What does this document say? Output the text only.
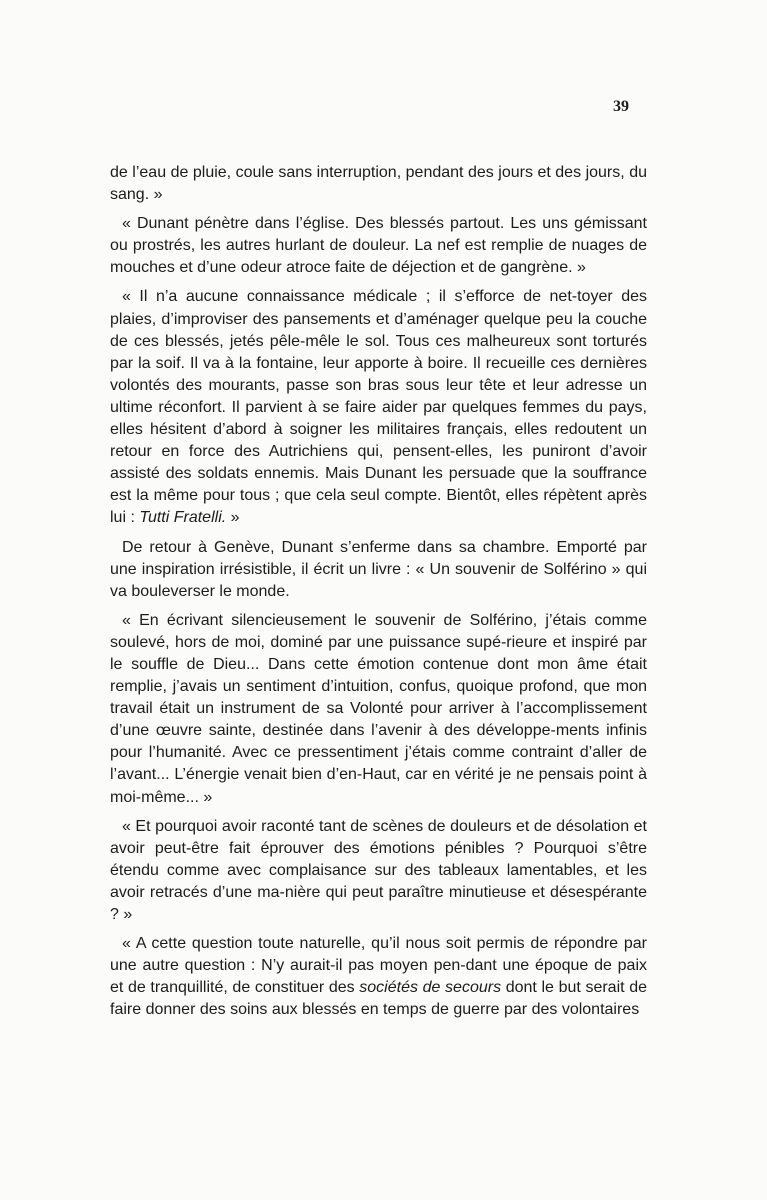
39

de l’eau de pluie, coule sans interruption, pendant des jours et des jours, du sang. »

« Dunant pénètre dans l’église. Des blessés partout. Les uns gémissant ou prostrés, les autres hurlant de douleur. La nef est remplie de nuages de mouches et d’une odeur atroce faite de déjection et de gangrène. »

« Il n’a aucune connaissance médicale ; il s’efforce de net-toyer des plaies, d’improviser des pansements et d’aménager quelque peu la couche de ces blessés, jetés pêle-mêle le sol. Tous ces malheureux sont torturés par la soif. Il va à la fontaine, leur apporte à boire. Il recueille ces dernières volontés des mourants, passe son bras sous leur tête et leur adresse un ultime réconfort. Il parvient à se faire aider par quelques femmes du pays, elles hésitent d’abord à soigner les militaires français, elles redoutent un retour en force des Autrichiens qui, pensent-elles, les puniront d’avoir assisté des soldats ennemis. Mais Dunant les persuade que la souffrance est la même pour tous ; que cela seul compte. Bientôt, elles répètent après lui : Tutti Fratelli. »

De retour à Genève, Dunant s’enferme dans sa chambre. Emporté par une inspiration irrésistible, il écrit un livre : « Un souvenir de Solférino » qui va bouleverser le monde.

« En écrivant silencieusement le souvenir de Solférino, j’étais comme soulevé, hors de moi, dominé par une puissance supé-rieure et inspiré par le souffle de Dieu... Dans cette émotion contenue dont mon âme était remplie, j’avais un sentiment d’intuition, confus, quoique profond, que mon travail était un instrument de sa Volonté pour arriver à l’accomplissement d’une œuvre sainte, destinée dans l’avenir à des développe-ments infinis pour l’humanité. Avec ce pressentiment j’étais comme contraint d’aller de l’avant... L’énergie venait bien d’en-Haut, car en vérité je ne pensais point à moi-même... »

« Et pourquoi avoir raconté tant de scènes de douleurs et de désolation et avoir peut-être fait éprouver des émotions pénibles ? Pourquoi s’être étendu comme avec complaisance sur des tableaux lamentables, et les avoir retracés d’une ma-nière qui peut paraître minutieuse et désespérante ? »

« A cette question toute naturelle, qu’il nous soit permis de répondre par une autre question : N’y aurait-il pas moyen pen-dant une époque de paix et de tranquillité, de constituer des sociétés de secours dont le but serait de faire donner des soins aux blessés en temps de guerre par des volontaires
